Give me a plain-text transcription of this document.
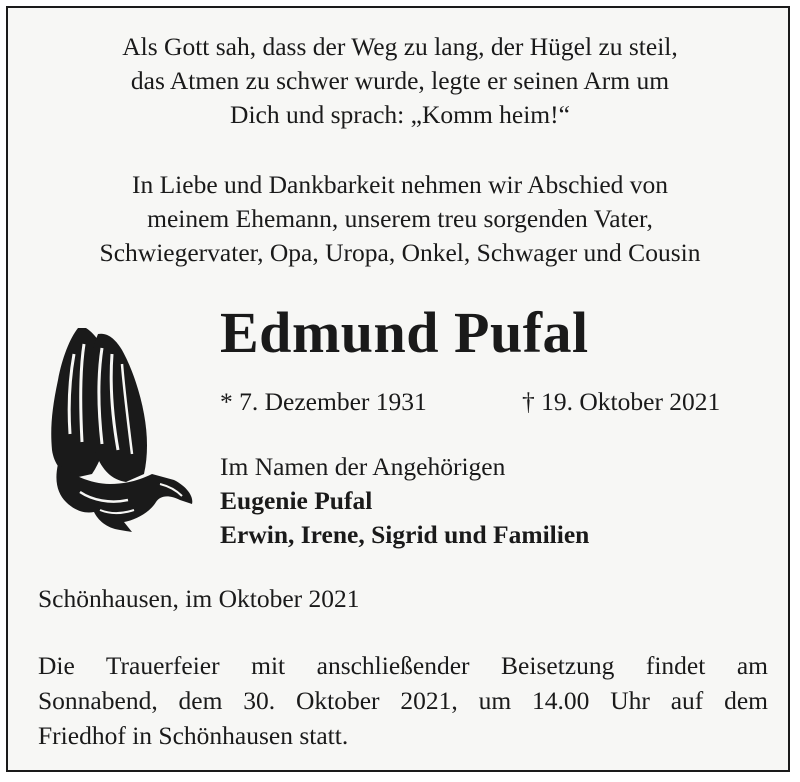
Als Gott sah, dass der Weg zu lang, der Hügel zu steil,
das Atmen zu schwer wurde, legte er seinen Arm um
Dich und sprach: „Komm heim!“
In Liebe und Dankbarkeit nehmen wir Abschied von
meinem Ehemann, unserem treu sorgenden Vater,
Schwiegervater, Opa, Uropa, Onkel, Schwager und Cousin
Edmund Pufal
* 7. Dezember 1931	† 19. Oktober 2021
Im Namen der Angehörigen
Eugenie Pufal
Erwin, Irene, Sigrid und Familien
Schönhausen, im Oktober 2021
Die Trauerfeier mit anschließender Beisetzung findet am
Sonnabend, dem 30. Oktober 2021, um 14.00 Uhr auf dem
Friedhof in Schönhausen statt.
